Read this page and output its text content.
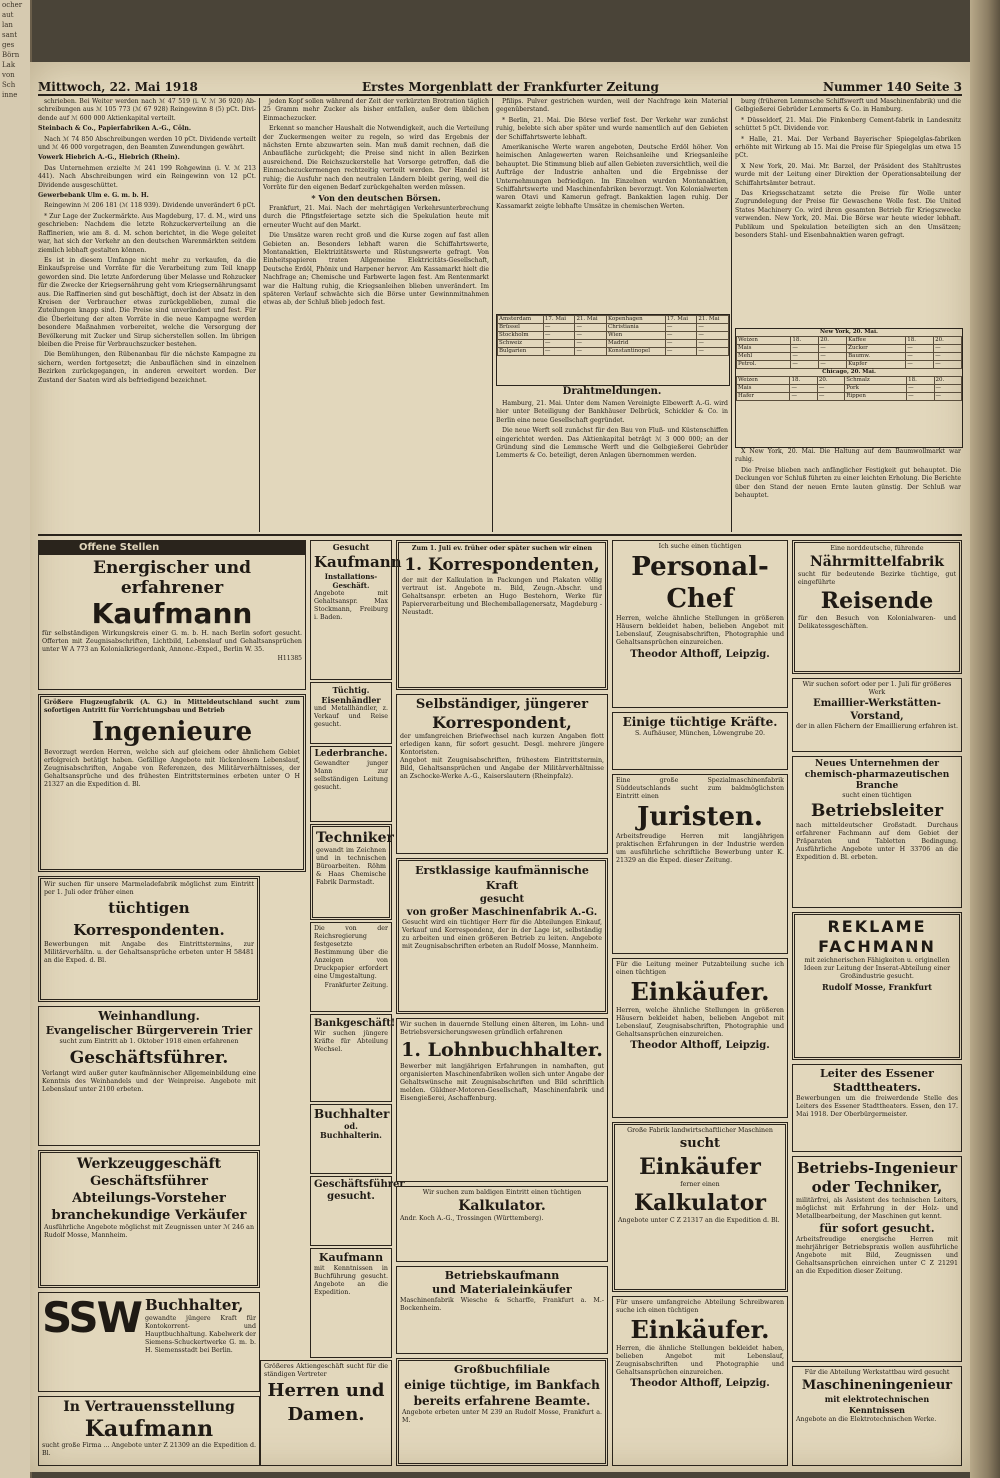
ocher
aut
lan
sant
ges
Börn
Lak
von
Sch
inne
Mittwoch, 22. Mai 1918	Erstes Morgenblatt der Frankfurter Zeitung	Nummer 140 Seite 3

schrieben. Bei Weiter werden nach ℳ 47 519 (i. V. ℳ 36 920) Ab-schreibungen aus ℳ 105 773 (ℳ 67 928) Reingewinn 8 (5) pCt. Divi-dende auf ℳ 600 000 Aktienkapital verteilt.

Steinbach & Co., Papierfabriken A.-G., Cöln.

Nach ℳ 74 850 Abschreibungen werden 10 pCt. Dividende verteilt und ℳ 46 000 vorgetragen, den Beamten Zuwendungen gewährt.

Vowerk Hiebrich A.-G., Hiebrich (Rhein).

Das Unternehmen erzielte ℳ 241 199 Rohgewinn (i. V. ℳ 213 441). Nach Abschreibungen wird ein Reingewinn von 12 pCt. Dividende ausgeschüttet.

Gewerbebank Ulm e. G. m. b. H.

Reingewinn ℳ 206 181 (ℳ 118 939). Dividende unverändert 6 pCt.

* Zur Lage der Zuckermärkte. Aus Magdeburg, 17. d. M., wird uns geschrieben: Nachdem die letzte Rohzuckerverteilung an die Raffinerien, wie am 8. d. M. schon berichtet, in die Wege geleitet war, hat sich der Verkehr an den deutschen Warenmärkten seitdem ziemlich lebhaft gestalten können.

Es ist in diesem Umfange nicht mehr zu verkaufen, da die Einkaufspreise und Vorräte für die Verarbeitung zum Teil knapp geworden sind. Die letzte Anforderung über Melasse und Rohzucker für die Zwecke der Kriegsernährung geht vom Kriegsernährungsamt aus. Die Raffinerien sind gut beschäftigt, doch ist der Absatz in den Kreisen der Verbraucher etwas zurückgeblieben, zumal die Zuteilungen knapp sind. Die Preise sind unverändert und fest. Für die Überleitung der alten Vorräte in die neue Kampagne werden besondere Maßnahmen vorbereitet, welche die Versorgung der Bevölkerung mit Zucker und Sirup sicherstellen sollen. Im übrigen bleiben die Preise für Verbrauchszucker bestehen.

Die Bemühungen, den Rübenanbau für die nächste Kampagne zu sichern, werden fortgesetzt; die Anbauflächen sind in einzelnen Bezirken zurückgegangen, in anderen erweitert worden. Der Zustand der Saaten wird als befriedigend bezeichnet.

jeden Kopf sollen während der Zeit der verkürzten Brotration täglich 25 Gramm mehr Zucker als bisher entfallen, außer dem üblichen Einmachezucker.

Erkennt so mancher Haushalt die Notwendigkeit, auch die Verteilung der Zuckermengen weiter zu regeln, so wird das Ergebnis der nächsten Ernte abzuwarten sein. Man muß damit rechnen, daß die Anbaufläche zurückgeht; die Preise sind nicht in allen Bezirken ausreichend. Die Reichszuckerstelle hat Vorsorge getroffen, daß die Einmachezuckermengen rechtzeitig verteilt werden. Der Handel ist ruhig; die Ausfuhr nach den neutralen Ländern bleibt gering, weil die Vorräte für den eigenen Bedarf zurückgehalten werden müssen.

* Von den deutschen Börsen.

Frankfurt, 21. Mai. Nach der mehrtägigen Verkehrsunterbrechung durch die Pfingstfeiertage setzte sich die Spekulation heute mit erneuter Wucht auf den Markt.

Die Umsätze waren recht groß und die Kurse zogen auf fast allen Gebieten an. Besonders lebhaft waren die Schiffahrtswerte, Montanaktien, Elektrizitätswerte und Rüstungswerte gefragt. Von Einheitspapieren traten Allgemeine Elektricitäts-Gesellschaft, Deutsche Erdöl, Phönix und Harpener hervor. Am Kassamarkt hielt die Nachfrage an; Chemische und Farbwerte lagen fest. Am Rentenmarkt war die Haltung ruhig, die Kriegsanleihen blieben unverändert. Im späteren Verlauf schwächte sich die Börse unter Gewinnmitnahmen etwas ab, der Schluß blieb jedoch fest.

Pfilips. Pulver gestrichen wurden, weil der Nachfrage kein Material gegenüberstand.

* Berlin, 21. Mai. Die Börse verlief fest. Der Verkehr war zunächst ruhig, belebte sich aber später und wurde namentlich auf den Gebieten der Schiffahrtswerte lebhaft.

Amerikanische Werte waren angeboten, Deutsche Erdöl höher. Von heimischen Anlagewerten waren Reichsanleihe und Kriegsanleihe behauptet. Die Stimmung blieb auf allen Gebieten zuversichtlich, weil die Aufträge der Industrie anhalten und die Ergebnisse der Unternehmungen befriedigen. Im Einzelnen wurden Montanaktien, Schiffahrtswerte und Maschinenfabriken bevorzugt. Von Kolonialwerten waren Otavi und Kamerun gefragt. Bankaktien lagen ruhig. Der Kassamarkt zeigte lebhafte Umsätze in chemischen Werten.

Amsterdam	17. Mai	21. Mai	Kopenhagen	17. Mai	21. Mai
Brüssel	—	—	Christiania	—	—
Stockholm	—	—	Wien	—	—
Schweiz	—	—	Madrid	—	—
Bulgarien	—	—	Konstantinopel	—	—

Drahtmeldungen.

Hamburg, 21. Mai. Unter dem Namen Vereinigte Elbewerft A.-G. wird hier unter Beteiligung der Bankhäuser Delbrück, Schickler & Co. in Berlin eine neue Gesellschaft gegründet.

Die neue Werft soll zunächst für den Bau von Fluß- und Küstenschiffen eingerichtet werden. Das Aktienkapital beträgt ℳ 3 000 000; an der Gründung sind die Lemmsche Werft und die Gelbgießerei Gebrüder Lemmerts & Co. beteiligt, deren Anlagen übernommen werden.

burg (früheren Lemmsche Schiffswerft und Maschinenfabrik) und die Gelbgießerei Gebrüder Lemmerts & Co. in Hamburg.

* Düsseldorf, 21. Mai. Die Finkenberg Cement-fabrik in Landesnitz schüttet 5 pCt. Dividende vor.

* Halle, 21. Mai. Der Verband Bayerischer Spiegelglas-fabriken erhöhte mit Wirkung ab 15. Mai die Preise für Spiegelglas um etwa 15 pCt.

X New York, 20. Mai. Mr. Barzel, der Präsident des Stahltrustes wurde mit der Leitung einer Direktion der Operationsabteilung der Schiffahrtsämter betraut.

Das Kriegsschatzamt setzte die Preise für Wolle unter Zugrundelegung der Preise für Gewaschene Wolle fest. Die United States Machinery Co. wird ihren gesamten Betrieb für Kriegszwecke verwenden. New York, 20. Mai. Die Börse war heute wieder lebhaft. Publikum und Spekulation beteiligten sich an den Umsätzen; besonders Stahl- und Eisenbahnaktien waren gefragt.

New York, 20. Mai.
Weizen	18.	20.	Kaffee	18.	20.
Mais	—	—	Zucker	—	—
Mehl	—	—	Baumw.	—	—
Petrol.	—	—	Kupfer	—	—
Chicago, 20. Mai.
Weizen	18.	20.	Schmalz	18.	20.
Mais	—	—	Pork	—	—
Hafer	—	—	Rippen	—	—

X New York, 20. Mai. Die Haltung auf dem Baumwollmarkt war ruhig.

Die Preise blieben nach anfänglicher Festigkeit gut behauptet. Die Deckungen vor Schluß führten zu einer leichten Erholung. Die Berichte über den Stand der neuen Ernte lauten günstig. Der Schluß war behauptet.

Offene Stellen
Energischer und erfahrener
Kaufmann
für selbständigen Wirkungskreis einer G. m. b. H. nach Berlin sofort gesucht. Offerten mit Zeugnisabschriften, Lichtbild, Lebenslauf und Gehaltsansprüchen unter W A 773 an Kolonialkriegerdank, Annonc.-Exped., Berlin W. 35.
H11385
Größere Flugzeugfabrik (A. G.) in Mitteldeutschland sucht zum sofortigen Antritt für Vorrichtungsbau und Betrieb
Ingenieure
Bevorzugt werden Herren, welche sich auf gleichem oder ähnlichem Gebiet erfolgreich betätigt haben. Gefällige Angebote mit lückenlosem Lebenslauf, Zeugnisabschriften, Angabe von Referenzen, des Militärverhältnisses, der Gehaltsansprüche und des frühesten Eintrittstermines erbeten unter O H 21327 an die Expedition d. Bl.
Wir suchen für unsere Marmeladefabrik möglichst zum Eintritt per 1. Juli oder früher einen
tüchtigen Korrespondenten.
Bewerbungen mit Angabe des Eintrittstermins, zur Militärverhältn. u. der Gehaltsansprüche erbeten unter H 58481 an die Exped. d. Bl.
Weinhandlung.
Evangelischer Bürgerverein Trier
sucht zum Eintritt ab 1. Oktober 1918 einen erfahrenen
Geschäftsführer.
Verlangt wird außer guter kaufmännischer Allgemeinbildung eine Kenntnis des Weinhandels und der Weinpreise. Angebote mit Lebenslauf unter 2100 erbeten.
Werkzeuggeschäft
Geschäftsführer
Abteilungs-Vorsteher
branchekundige Verkäufer
Ausführliche Angebote möglichst mit Zeugnissen unter ℳ 246 an Rudolf Mosse, Mannheim.
SSW Buchhalter,
gewandte jüngere Kraft für Kontokorrent- und Hauptbuchhaltung. Kabelwerk der Siemens-Schuckertwerke G. m. b. H. Siemensstadt bei Berlin.
In Vertrauensstellung
Kaufmann
sucht große Firma ... Angebote unter Z 21309 an die Expedition d. Bl.
Gesucht
Kaufmann
Installations-Geschäft.
Angebote mit Gehaltsanspr. Max Stockmann, Freiburg i. Baden.
Tüchtig. Eisenhändler
und Metallhändler, z. Verkauf und Reise gesucht.
Lederbranche.
Gewandter junger Mann zur selbständigen Leitung gesucht.
Techniker
gewandt im Zeichnen und in technischen Büroarbeiten. Röhm & Haas Chemische Fabrik Darmstadt.
Die von der Reichsregierung festgesetzte Bestimmung über die Anzeigen von Druckpapier erfordert eine Umgestaltung.
Frankfurter Zeitung.
Bankgeschäft!
Wir suchen jüngere Kräfte für Abteilung Wechsel.
Buchhalter
od. Buchhalterin.
Geschäftsführer gesucht.
Kaufmann
mit Kenntnissen in Buchführung gesucht. Angebote an die Expedition.
Größeres Aktiengeschäft sucht für die ständigen Vertreter
Herren und Damen.
Zum 1. Juli ev. früher oder später suchen wir einen
1. Korrespondenten,
der mit der Kalkulation in Packungen und Plakaten völlig vertraut ist. Angebote m. Bild, Zeugn.-Abschr. und Gehaltsanspr. erbeten an Hugo Bestehorn, Werke für Papierverarbeitung und Blechemballagenersatz, Magdeburg - Neustadt.
Selbständiger, jüngerer
Korrespondent,
der umfangreichen Briefwechsel nach kurzen Angaben flott erledigen kann, für sofort gesucht. Desgl. mehrere jüngere Kontoristen.
Angebot mit Zeugnisabschriften, frühestem Eintrittstermin, Bild, Gehaltsansprüchen und Angabe der Militärverhältnisse an Zschocke-Werke A.-G., Kaiserslautern (Rheinpfalz).
Erstklassige kaufmännische Kraft
gesucht
von großer Maschinenfabrik A.-G.
Gesucht wird ein tüchtiger Herr für die Abteilungen Einkauf, Verkauf und Korrespondenz, der in der Lage ist, selbständig zu arbeiten und einen größeren Betrieb zu leiten. Angebote mit Zeugnisabschriften erbeten an Rudolf Mosse, Mannheim.
Wir suchen in dauernde Stellung einen älteren, im Lohn- und Betriebsversicherungswesen gründlich erfahrenen
1. Lohnbuchhalter.
Bewerber mit langjährigen Erfahrungen in namhaften, gut organisierten Maschinenfabriken wollen sich unter Angabe der Gehaltswünsche mit Zeugnisabschriften und Bild schriftlich melden. Güldner-Motoren-Gesellschaft, Maschinenfabrik und Eisengießerei, Aschaffenburg.
Wir suchen zum baldigen Eintritt einen tüchtigen
Kalkulator.
Andr. Koch A.-G., Trossingen (Württemberg).
Betriebskaufmann
und Materialeinkäufer
Maschinenfabrik Wiesche & Scharffe, Frankfurt a. M.-Bockenheim.
Großbuchfiliale
einige tüchtige, im Bankfach bereits erfahrene Beamte.
Angebote erbeten unter M 239 an Rudolf Mosse, Frankfurt a. M.
Ich suche einen tüchtigen
Personal-Chef
Herren, welche ähnliche Stellungen in größeren Häusern bekleidet haben, belieben Angebot mit Lebenslauf, Zeugnisabschriften, Photographie und Gehaltsansprüchen einzureichen.
Theodor Althoff, Leipzig.
Einige tüchtige Kräfte.
S. Aufhäuser, München, Löwengrube 20.
Eine große Spezialmaschinenfabrik Süddeutschlands sucht zum baldmöglichsten Eintritt einen
Juristen.
Arbeitsfreudige Herren mit langjährigen praktischen Erfahrungen in der Industrie werden um ausführliche schriftliche Bewerbung unter K. 21329 an die Exped. dieser Zeitung.
Für die Leitung meiner Putzabteilung suche ich einen tüchtigen
Einkäufer.
Herren, welche ähnliche Stellungen in größeren Häusern bekleidet haben, belieben Angebot mit Lebenslauf, Zeugnisabschriften, Photographie und Gehaltsansprüchen einzureichen.
Theodor Althoff, Leipzig.
Große Fabrik landwirtschaftlicher Maschinen
sucht
Einkäufer
ferner einen
Kalkulator
Angebote unter C Z 21317 an die Expedition d. Bl.
Für unsere umfangreiche Abteilung Schreibwaren suche ich einen tüchtigen
Einkäufer.
Herren, die ähnliche Stellungen bekleidet haben, belieben Angebot mit Lebenslauf, Zeugnisabschriften und Photographie und Gehaltsansprüchen einzureichen.
Theodor Althoff, Leipzig.
Eine norddeutsche, führende
Nährmittelfabrik
sucht für bedeutende Bezirke tüchtige, gut eingeführte
Reisende
für den Besuch von Kolonialwaren- und Delikatessgeschäften.
Wir suchen sofort oder per 1. Juli für größeres Werk
Emaillier-Werkstätten-Vorstand,
der in allen Fächern der Emaillierung erfahren ist.
Neues Unternehmen der
chemisch-pharmazeutischen Branche
sucht einen tüchtigen
Betriebsleiter
nach mitteldeutscher Großstadt. Durchaus erfahrener Fachmann auf dem Gebiet der Präparaten und Tabletten Bedingung. Ausführliche Angebote unter H 33706 an die Expedition d. Bl. erbeten.
REKLAME
FACHMANN
mit zeichnerischen Fähigkeiten u. originellen Ideen zur Leitung der Inserat-Abteilung einer Großindustrie gesucht.
Rudolf Mosse, Frankfurt
Leiter des Essener Stadttheaters.
Bewerbungen um die freiwerdende Stelle des Leiters des Essener Stadttheaters. Essen, den 17. Mai 1918. Der Oberbürgermeister.
Betriebs-Ingenieur
oder Techniker,
militärfrei, als Assistent des technischen Leiters, möglichst mit Erfahrung in der Holz- und Metallbearbeitung, der Maschinen gut kennt.
für sofort gesucht.
Arbeitsfreudige energische Herren mit mehrjähriger Betriebspraxis wollen ausführliche Angebote mit Bild, Zeugnissen und Gehaltsansprüchen einreichen unter C Z 21291 an die Expedition dieser Zeitung.
Für die Abteilung Werkstattbau wird gesucht
Maschineningenieur
mit elektrotechnischen Kenntnissen
Angebote an die Elektrotechnischen Werke.
